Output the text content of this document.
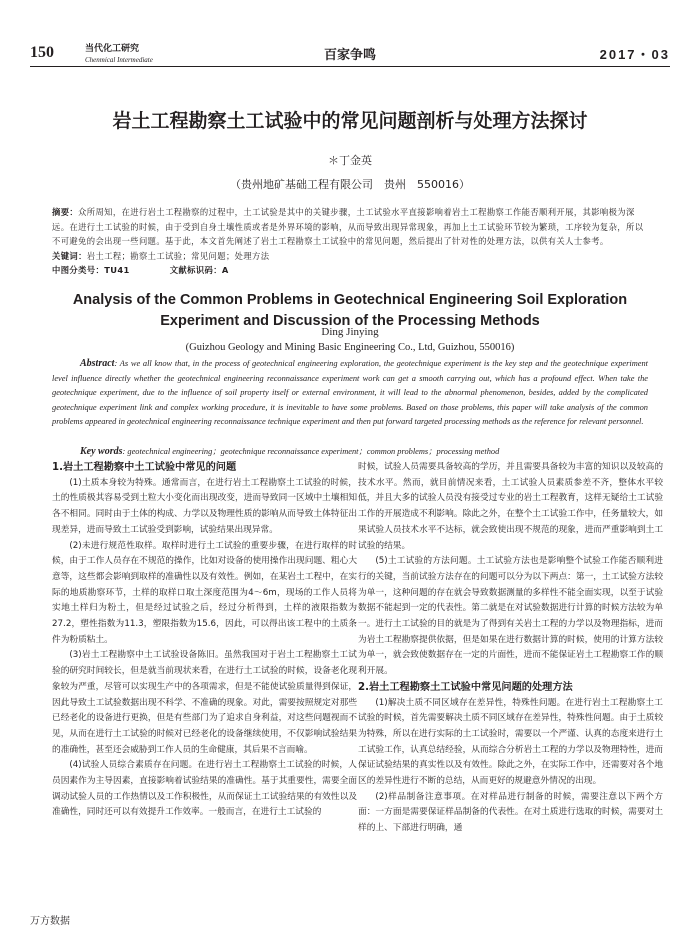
150	当代化工研究
Chenmical Intermediate	百家争鸣	2017・03
岩土工程勘察土工试验中的常见问题剖析与处理方法探讨
＊丁金英
（贵州地矿基础工程有限公司　贵州　550016）
摘要：众所周知，在进行岩土工程勘察的过程中，土工试验是其中的关键步骤，土工试验水平直接影响着岩土工程勘察工作能否顺利开展，其影响极为深远。在进行土工试验的时候，由于受到自身土壤性质或者是外界环境的影响，从而导致出现异常现象，再加上土工试验环节较为繁琐，工序较为复杂，所以不可避免的会出现一些问题。基于此，本文首先阐述了岩土工程勘察土工试验中的常见问题，然后提出了针对性的处理方法，以供有关人士参考。
关键词：岩土工程；勘察土工试验；常见问题；处理方法
中图分类号：TU41	文献标识码：A
Analysis of the Common Problems in Geotechnical Engineering Soil Exploration
Experiment and Discussion of the Processing Methods
Ding Jinying
(Guizhou Geology and Mining Basic Engineering Co., Ltd, Guizhou, 550016)
Abstract: As we all know that, in the process of geotechnical engineering exploration, the geotechnique experiment is the key step and the geotechnique experiment level influence directly whether the geotechnical engineering reconnaissance experiment work can get a smooth carrying out, which has a profound effect. When take the geotechnique experiment, due to the influence of soil property itself or external environment, it will lead to the abnormal phenomenon, besides, added by the complicated geotechnique experiment link and complex working procedure, it is inevitable to have some problems. Based on those problems, this paper will take analysis of the common problems appeared in geotechnical engineering reconnaissance technique experiment and then put forward targeted processing methods as the reference for relevant personnel.
Key words: geotechnical engineering；geotechnique reconnaissance experiment；common problems；processing method
1.岩土工程勘察中土工试验中常见的问题

(1)土质本身较为特殊。通常而言，在进行岩土工程勘察土工试验的时候，土的性质极其容易受到土粒大小变化而出现改变，进而导致同一区域中土壤相知各不相同。同时由于土体的构成、力学以及物理性质的影响从而导致土体特征出现差异，进而导致土工试验受到影响，试验结果出现异常。

(2)未进行规范性取样。取样时进行土工试验的重要步骤，在进行取样的时候，由于工作人员存在不规范的操作，比如对设备的使用操作出现问题、粗心大意等，这些都会影响到取样的准确性以及有效性。例如，在某岩土工程中，在实际的地质勘察环节，土样的取样口取土深度范围为4～6m，现场的工作人员将实地土样归为粉土，但是经过试验之后，经过分析得到，土样的液限指数为27.2，塑性指数为11.3，塑限指数为15.6，因此，可以得出该工程中的土质条件为粉质粘土。

(3)岩土工程勘察中土工试验设备陈旧。虽然我国对于岩土工程勘察土工试验的研究时间较长，但是就当前现状来看，在进行土工试验的时候，设备老化现象较为严重，尽管可以实现生产中的各项需求，但是不能使试验质量得到保证，因此导致土工试验数据出现不科学、不准确的现象。对此，需要按照规定对那些已经老化的设备进行更换，但是有些部门为了追求自身利益，对这些问题视而不见，从而在进行土工试验的时候对已经老化的设备继续使用，不仅影响试验结果的准确性，甚至还会威胁到工作人员的生命健康，其后果不言而喻。

(4)试验人员综合素质存在问题。在进行岩土工程勘察土工试验的时候，人员因素作为主导因素，直接影响着试验结果的准确性。基于其重要性，需要全面调动试验人员的工作热情以及工作积极性，从而保证土工试验结果的有效性以及准确性，同时还可以有效提升工作效率。一般而言，在进行土工试验的

时候，试验人员需要具备较高的学历，并且需要具备较为丰富的知识以及较高的技术水平。然而，就目前情况来看，土工试验人员素质参差不齐，整体水平较低，并且大多的试验人员没有接受过专业的岩土工程教育，这样无疑给土工试验工作的开展造成不利影响。除此之外，在整个土工试验工作中，任务量较大，如果试验人员技术水平不达标，就会致使出现不规范的现象，进而严重影响到土工试验的结果。

(5)土工试验的方法问题。土工试验方法也是影响整个试验工作能否顺利进行的关键，当前试验方法存在的问题可以分为以下两点：第一，土工试验方法较为单一，这种问题的存在就会导致数据测量的多样性不能全面实现，以至于试验数据不能起到一定的代表性。第二就是在对试验数据进行计算的时候方法较为单一。进行土工试验的目的就是为了得到有关岩土工程的力学以及物理指标，进而为岩土工程勘察提供依据，但是如果在进行数据计算的时候，使用的计算方法较为单一，就会致使数据存在一定的片面性，进而不能保证岩土工程勘察工作的顺利开展。

2.岩土工程勘察土工试验中常见问题的处理方法

(1)解决土质不同区域存在差异性，特殊性问题。在进行岩土工程勘察土工试验的时候，首先需要解决土质不同区域存在差异性，特殊性问题。由于土质较为特殊，所以在进行实际的土工试验时，需要以一个严谨、认真的态度来进行土工试验工作，认真总结经验，从而综合分析岩土工程的力学以及物理特性，进而保证试验结果的真实性以及有效性。除此之外，在实际工作中，还需要对各个地区的差异性进行不断的总结，从而更好的规避意外情况的出现。

(2)样品制备注意事项。在对样品进行制备的时候，需要注意以下两个方面：一方面是需要保证样品制备的代表性。在对土质进行选取的时候，需要对土样的上、下部进行明确，通

万方数据
